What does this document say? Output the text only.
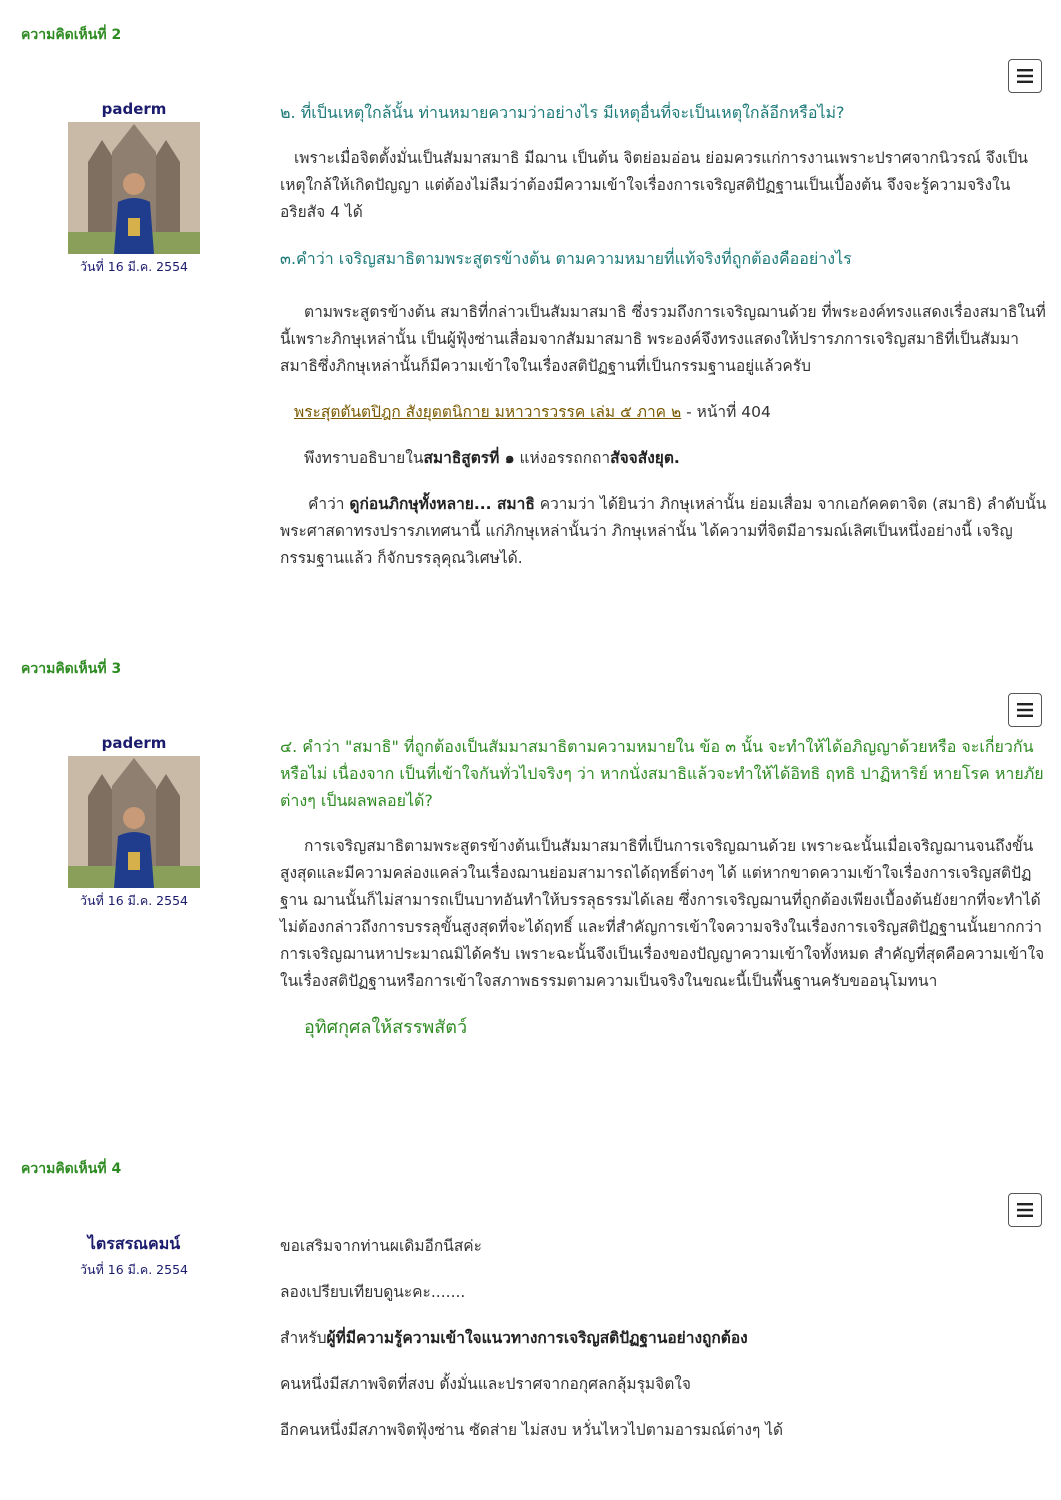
ความคิดเห็นที่ 2
paderm
วันที่ 16 มี.ค. 2554

๒. ที่เป็นเหตุใกล้นั้น ท่านหมายความว่าอย่างไร มีเหตุอื่นที่จะเป็นเหตุใกล้อีกหรือไม่?

เพราะเมื่อจิตตั้งมั่นเป็นสัมมาสมาธิ มีฌาน เป็นต้น จิตย่อมอ่อน ย่อมควรแก่การงานเพราะปราศจากนิวรณ์ จึงเป็นเหตุใกล้ให้เกิดปัญญา แต่ต้องไม่ลืมว่าต้องมีความเข้าใจเรื่องการเจริญสติปัฏฐานเป็นเบื้องต้น จึงจะรู้ความจริงในอริยสัจ 4 ได้

๓.คำว่า เจริญสมาธิตามพระสูตรข้างต้น ตามความหมายที่แท้จริงที่ถูกต้องคืออย่างไร

ตามพระสูตรข้างต้น สมาธิที่กล่าวเป็นสัมมาสมาธิ ซึ่งรวมถึงการเจริญฌานด้วย ที่พระองค์ทรงแสดงเรื่องสมาธิในที่นี้เพราะภิกษุเหล่านั้น เป็นผู้ฟุ้งซ่านเสื่อมจากสัมมาสมาธิ พระองค์จึงทรงแสดงให้ปรารภการเจริญสมาธิที่เป็นสัมมาสมาธิซึ่งภิกษุเหล่านั้นก็มีความเข้าใจในเรื่องสติปัฏฐานที่เป็นกรรมฐานอยู่แล้วครับ

พระสุตตันตปิฎก สังยุตตนิกาย มหาวารวรรค เล่ม ๕ ภาค ๒ - หน้าที่ 404

พึงทราบอธิบายในสมาธิสูตรที่ ๑ แห่งอรรถกถาสัจจสังยุต.

คำว่า ดูก่อนภิกษุทั้งหลาย... สมาธิ ความว่า ได้ยินว่า ภิกษุเหล่านั้น ย่อมเสื่อม จากเอกัคคตาจิต (สมาธิ) ลำดับนั้น พระศาสดาทรงปรารภเทศนานี้ แก่ภิกษุเหล่านั้นว่า ภิกษุเหล่านั้น ได้ความที่จิตมีอารมณ์เลิศเป็นหนึ่งอย่างนี้ เจริญกรรมฐานแล้ว ก็จักบรรลุคุณวิเศษได้.

ความคิดเห็นที่ 3
paderm
วันที่ 16 มี.ค. 2554

๔. คำว่า "สมาธิ" ที่ถูกต้องเป็นสัมมาสมาธิตามความหมายใน ข้อ ๓ นั้น จะทำให้ได้อภิญญาด้วยหรือ จะเกี่ยวกันหรือไม่ เนื่องจาก เป็นที่เข้าใจกันทั่วไปจริงๆ ว่า หากนั่งสมาธิแล้วจะทำให้ได้อิทธิ ฤทธิ ปาฏิหาริย์ หายโรค หายภัยต่างๆ เป็นผลพลอยได้?

การเจริญสมาธิตามพระสูตรข้างต้นเป็นสัมมาสมาธิที่เป็นการเจริญฌานด้วย เพราะฉะนั้นเมื่อเจริญฌานจนถึงขั้นสูงสุดและมีความคล่องแคล่วในเรื่องฌานย่อมสามารถได้ฤทธิ์ต่างๆ ได้ แต่หากขาดความเข้าใจเรื่องการเจริญสติปัฏฐาน ฌานนั้นก็ไม่สามารถเป็นบาทอันทำให้บรรลุธรรมได้เลย ซึ่งการเจริญฌานที่ถูกต้องเพียงเบื้องต้นยังยากที่จะทำได้ ไม่ต้องกล่าวถึงการบรรลุขั้นสูงสุดที่จะได้ฤทธิ์ และที่สำคัญการเข้าใจความจริงในเรื่องการเจริญสติปัฏฐานนั้นยากกว่าการเจริญฌานหาประมาณมิได้ครับ เพราะฉะนั้นจึงเป็นเรื่องของปัญญาความเข้าใจทั้งหมด สำคัญที่สุดคือความเข้าใจในเรื่องสติปัฏฐานหรือการเข้าใจสภาพธรรมตามความเป็นจริงในขณะนี้เป็นพื้นฐานครับขออนุโมทนา

อุทิศกุศลให้สรรพสัตว์

ความคิดเห็นที่ 4
ไตรสรณคมน์
วันที่ 16 มี.ค. 2554

ขอเสริมจากท่านผเดิมอีกนีสค่ะ

ลองเปรียบเทียบดูนะคะ.......

สำหรับผู้ที่มีความรู้ความเข้าใจแนวทางการเจริญสติปัฏฐานอย่างถูกต้อง

คนหนึ่งมีสภาพจิตที่สงบ ตั้งมั่นและปราศจากอกุศลกลุ้มรุมจิตใจ

อีกคนหนึ่งมีสภาพจิตฟุ้งซ่าน ซัดส่าย ไม่สงบ หวั่นไหวไปตามอารมณ์ต่างๆ ได้
